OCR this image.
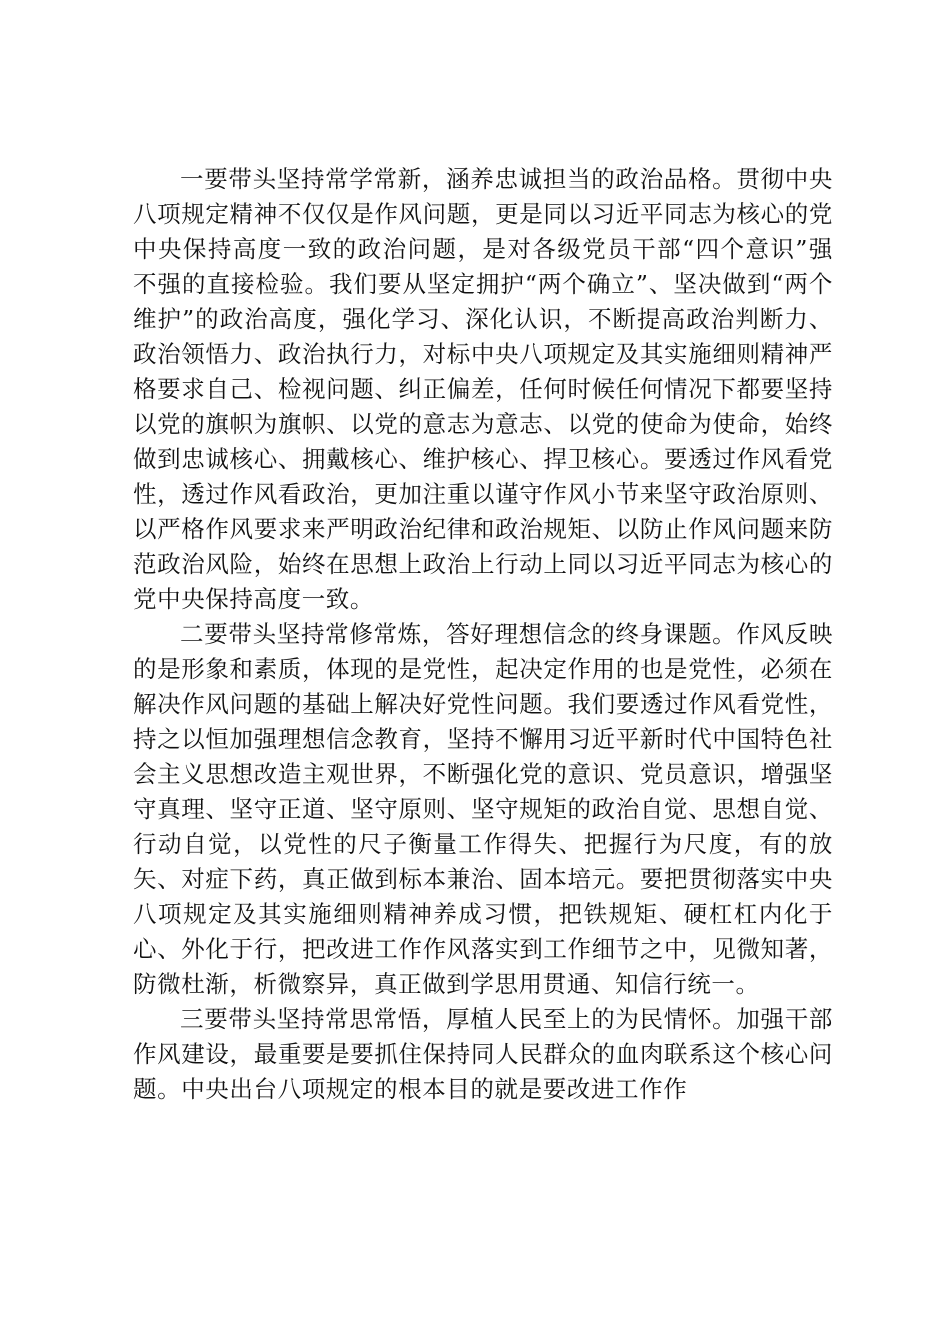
一要带头坚持常学常新，涵养忠诚担当的政治品格。贯彻中央八项规定精神不仅仅是作风问题，更是同以习近平同志为核心的党中央保持高度一致的政治问题，是对各级党员干部“四个意识”强不强的直接检验。我们要从坚定拥护“两个确立”、坚决做到“两个维护”的政治高度，强化学习、深化认识，不断提高政治判断力、政治领悟力、政治执行力，对标中央八项规定及其实施细则精神严格要求自己、检视问题、纠正偏差，任何时候任何情况下都要坚持以党的旗帜为旗帜、以党的意志为意志、以党的使命为使命，始终做到忠诚核心、拥戴核心、维护核心、捍卫核心。要透过作风看党性，透过作风看政治，更加注重以谨守作风小节来坚守政治原则、以严格作风要求来严明政治纪律和政治规矩、以防止作风问题来防范政治风险，始终在思想上政治上行动上同以习近平同志为核心的党中央保持高度一致。

二要带头坚持常修常炼，答好理想信念的终身课题。作风反映的是形象和素质，体现的是党性，起决定作用的也是党性，必须在解决作风问题的基础上解决好党性问题。我们要透过作风看党性，持之以恒加强理想信念教育，坚持不懈用习近平新时代中国特色社会主义思想改造主观世界，不断强化党的意识、党员意识，增强坚守真理、坚守正道、坚守原则、坚守规矩的政治自觉、思想自觉、行动自觉，以党性的尺子衡量工作得失、把握行为尺度，有的放矢、对症下药，真正做到标本兼治、固本培元。要把贯彻落实中央八项规定及其实施细则精神养成习惯，把铁规矩、硬杠杠内化于心、外化于行，把改进工作作风落实到工作细节之中，见微知著，防微杜渐，析微察异，真正做到学思用贯通、知信行统一。

三要带头坚持常思常悟，厚植人民至上的为民情怀。加强干部作风建设，最重要是要抓住保持同人民群众的血肉联系这个核心问题。中央出台八项规定的根本目的就是要改进工作作
